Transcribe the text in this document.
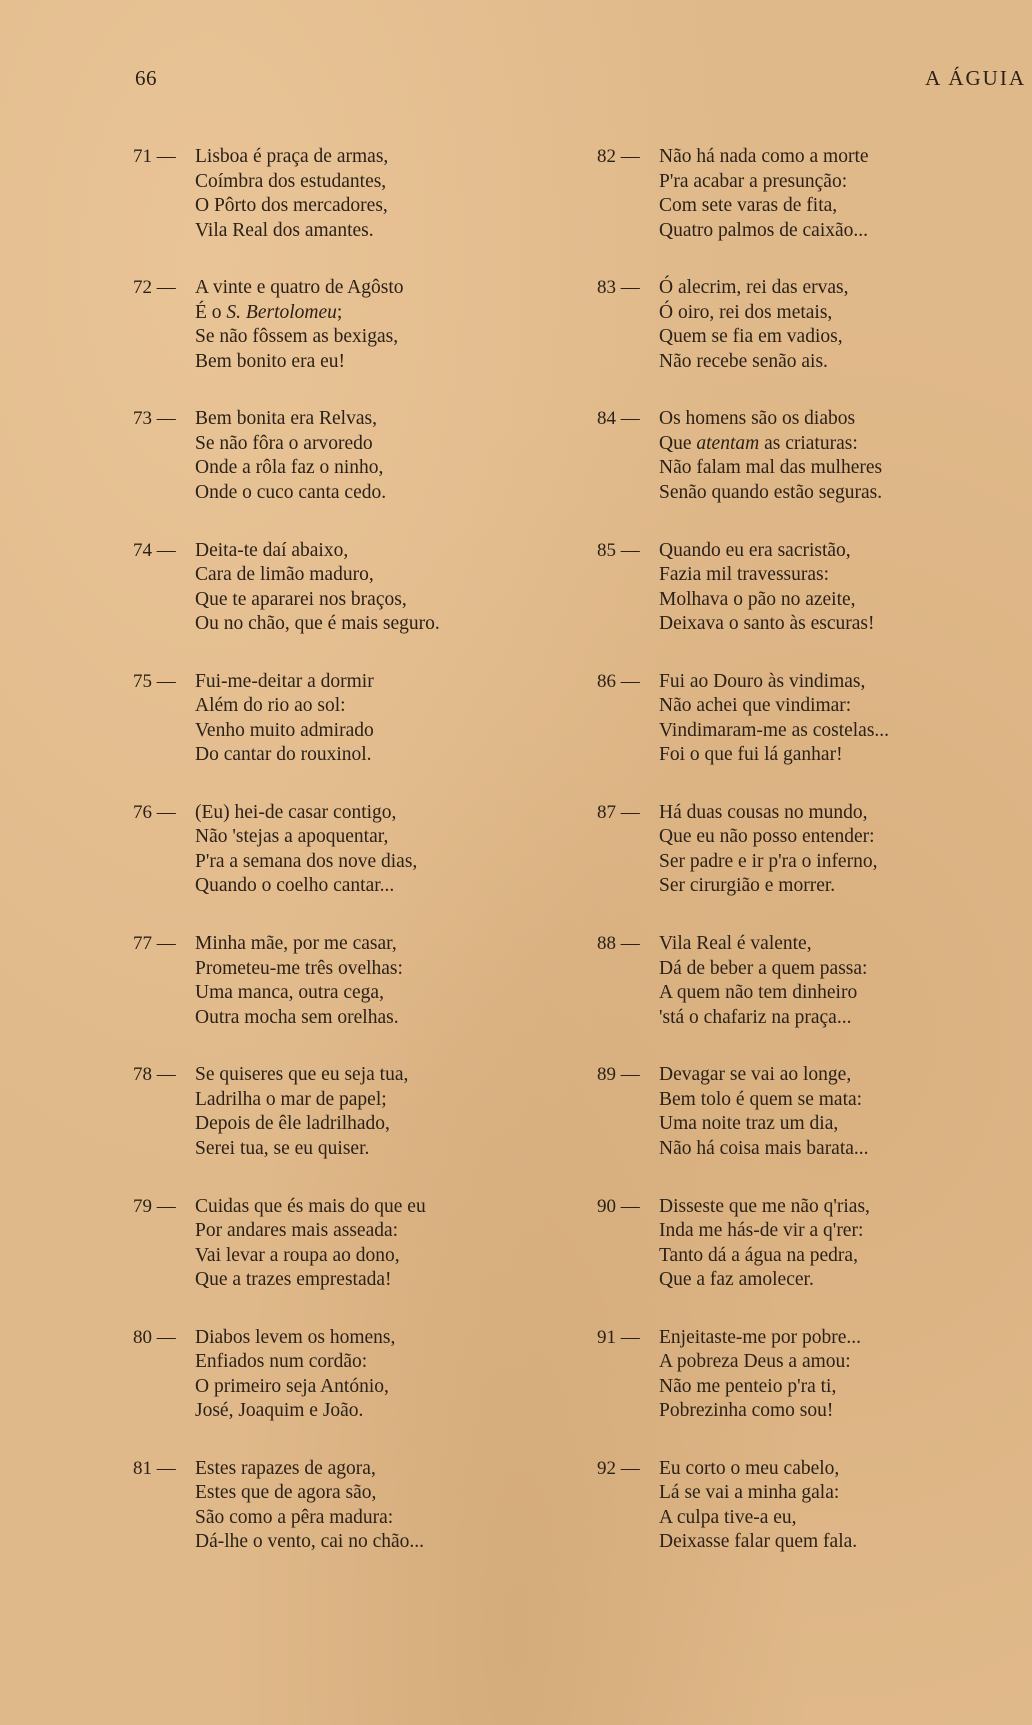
66	A ÁGUIA
71 — Lisboa é praça de armas,
Coímbra dos estudantes,
O Pôrto dos mercadores,
Vila Real dos amantes.
72 — A vinte e quatro de Agôsto
É o S. Bertolomeu;
Se não fôssem as bexigas,
Bem bonito era eu!
73 — Bem bonita era Relvas,
Se não fôra o arvoredo
Onde a rôla faz o ninho,
Onde o cuco canta cedo.
74 — Deita-te daí abaixo,
Cara de limão maduro,
Que te apararei nos braços,
Ou no chão, que é mais seguro.
75 — Fui-me-deitar a dormir
Além do rio ao sol:
Venho muito admirado
Do cantar do rouxinol.
76 — (Eu) hei-de casar contigo,
Não 'stejas a apoquentar,
P'ra a semana dos nove dias,
Quando o coelho cantar...
77 — Minha mãe, por me casar,
Prometeu-me três ovelhas:
Uma manca, outra cega,
Outra mocha sem orelhas.
78 — Se quiseres que eu seja tua,
Ladrilha o mar de papel;
Depois de êle ladrilhado,
Serei tua, se eu quiser.
79 — Cuidas que és mais do que eu
Por andares mais asseada:
Vai levar a roupa ao dono,
Que a trazes emprestada!
80 — Diabos levem os homens,
Enfiados num cordão:
O primeiro seja António,
José, Joaquim e João.
81 — Estes rapazes de agora,
Estes que de agora são,
São como a pêra madura:
Dá-lhe o vento, cai no chão...
82 — Não há nada como a morte
P'ra acabar a presunção:
Com sete varas de fita,
Quatro palmos de caixão...
83 — Ó alecrim, rei das ervas,
Ó oiro, rei dos metais,
Quem se fia em vadios,
Não recebe senão ais.
84 — Os homens são os diabos
Que atentam as criaturas:
Não falam mal das mulheres
Senão quando estão seguras.
85 — Quando eu era sacristão,
Fazia mil travessuras:
Molhava o pão no azeite,
Deixava o santo às escuras!
86 — Fui ao Douro às vindimas,
Não achei que vindimar:
Vindimaram-me as costelas...
Foi o que fui lá ganhar!
87 — Há duas cousas no mundo,
Que eu não posso entender:
Ser padre e ir p'ra o inferno,
Ser cirurgião e morrer.
88 — Vila Real é valente,
Dá de beber a quem passa:
A quem não tem dinheiro
'stá o chafariz na praça...
89 — Devagar se vai ao longe,
Bem tolo é quem se mata:
Uma noite traz um dia,
Não há coisa mais barata...
90 — Disseste que me não q'rias,
Inda me hás-de vir a q'rer:
Tanto dá a água na pedra,
Que a faz amolecer.
91 — Enjeitaste-me por pobre...
A pobreza Deus a amou:
Não me penteio p'ra ti,
Pobrezinha como sou!
92 — Eu corto o meu cabelo,
Lá se vai a minha gala:
A culpa tive-a eu,
Deixasse falar quem fala.
